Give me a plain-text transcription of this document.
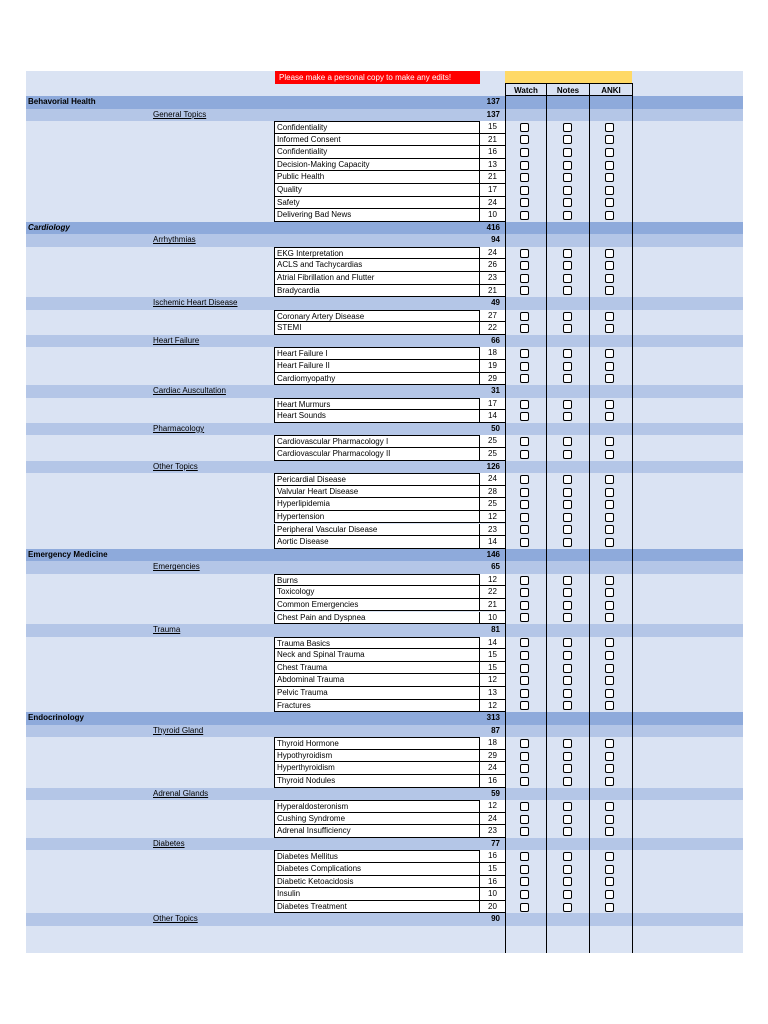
Please make a personal copy to make any edits!
Watch	Notes	ANKI
Behavorial Health	137
General Topics	137
Confidentiality	15
Informed Consent	21
Confidentiality	16
Decision-Making Capacity	13
Public Health	21
Quality	17
Safety	24
Delivering Bad News	10
Cardiology	416
Arrhythmias	94
EKG Interpretation	24
ACLS and Tachycardias	26
Atrial Fibrillation and Flutter	23
Bradycardia	21
Ischemic Heart Disease	49
Coronary Artery Disease	27
STEMI	22
Heart Failure	66
Heart Failure I	18
Heart Failure II	19
Cardiomyopathy	29
Cardiac Auscultation	31
Heart Murmurs	17
Heart Sounds	14
Pharmacology	50
Cardiovascular Pharmacology I	25
Cardiovascular Pharmacology II	25
Other Topics	126
Pericardial Disease	24
Valvular Heart Disease	28
Hyperlipidemia	25
Hypertension	12
Peripheral Vascular Disease	23
Aortic Disease	14
Emergency Medicine	146
Emergencies	65
Burns	12
Toxicology	22
Common Emergencies	21
Chest Pain and Dyspnea	10
Trauma	81
Trauma Basics	14
Neck and Spinal Trauma	15
Chest Trauma	15
Abdominal Trauma	12
Pelvic Trauma	13
Fractures	12
Endocrinology	313
Thyroid Gland	87
Thyroid Hormone	18
Hypothyroidism	29
Hyperthyroidism	24
Thyroid Nodules	16
Adrenal Glands	59
Hyperaldosteronism	12
Cushing Syndrome	24
Adrenal Insufficiency	23
Diabetes	77
Diabetes Mellitus	16
Diabetes Complications	15
Diabetic Ketoacidosis	16
Insulin	10
Diabetes Treatment	20
Other Topics	90
